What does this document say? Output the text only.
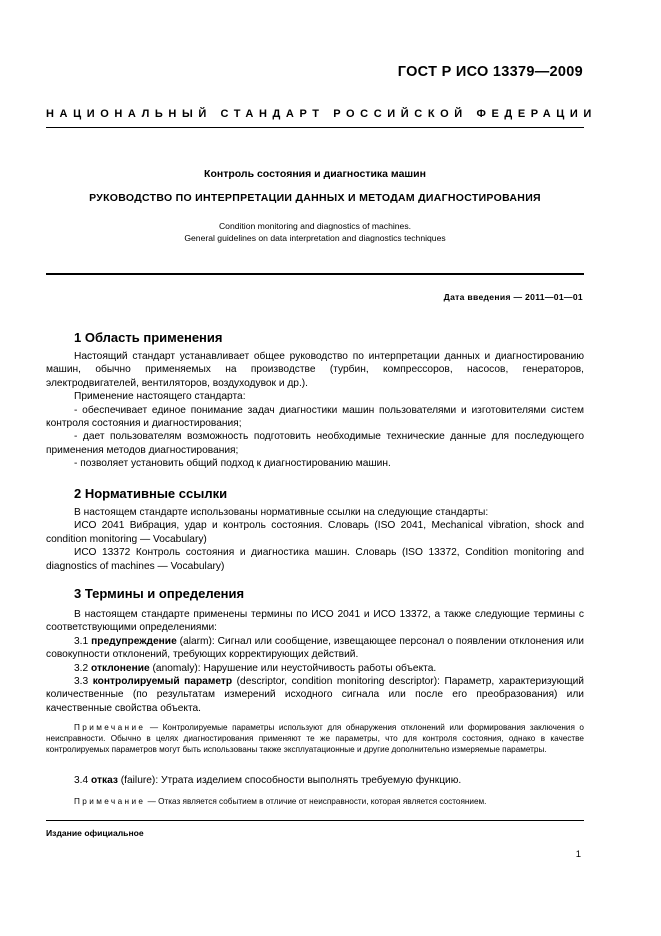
ГОСТ Р ИСО 13379—2009
НАЦИОНАЛЬНЫЙ СТАНДАРТ РОССИЙСКОЙ ФЕДЕРАЦИИ
Контроль состояния и диагностика машин
РУКОВОДСТВО ПО ИНТЕРПРЕТАЦИИ ДАННЫХ И МЕТОДАМ ДИАГНОСТИРОВАНИЯ
Condition monitoring and diagnostics of machines.
General guidelines on data interpretation and diagnostics techniques
Дата введения — 2011—01—01
1 Область применения

Настоящий стандарт устанавливает общее руководство по интерпретации данных и диагностированию машин, обычно применяемых на производстве (турбин, компрессоров, насосов, генераторов, электродвигателей, вентиляторов, воздуходувок и др.).

Применение настоящего стандарта:

- обеспечивает единое понимание задач диагностики машин пользователями и изготовителями систем контроля состояния и диагностирования;

- дает пользователям возможность подготовить необходимые технические данные для последующего применения методов диагностирования;

- позволяет установить общий подход к диагностированию машин.

2 Нормативные ссылки

В настоящем стандарте использованы нормативные ссылки на следующие стандарты:

ИСО 2041 Вибрация, удар и контроль состояния. Словарь (ISO 2041, Mechanical vibration, shock and condition monitoring — Vocabulary)

ИСО 13372 Контроль состояния и диагностика машин. Словарь (ISO 13372, Condition monitoring and diagnostics of machines — Vocabulary)

3 Термины и определения

В настоящем стандарте применены термины по ИСО 2041 и ИСО 13372, а также следующие термины с соответствующими определениями:

3.1 предупреждение (alarm): Сигнал или сообщение, извещающее персонал о появлении отклонения или совокупности отклонений, требующих корректирующих действий.

3.2 отклонение (anomaly): Нарушение или неустойчивость работы объекта.

3.3 контролируемый параметр (descriptor, condition monitoring descriptor): Параметр, характеризующий количественные (по результатам измерений исходного сигнала или после его преобразования) или качественные свойства объекта.

Примечание — Контролируемые параметры используют для обнаружения отклонений или формирования заключения о неисправности. Обычно в целях диагностирования применяют те же параметры, что для контроля состояния, однако в качестве контролируемых параметров могут быть использованы также эксплуатационные и другие дополнительно измеряемые параметры.

3.4 отказ (failure): Утрата изделием способности выполнять требуемую функцию.

Примечание — Отказ является событием в отличие от неисправности, которая является состоянием.

Издание официальное
1
